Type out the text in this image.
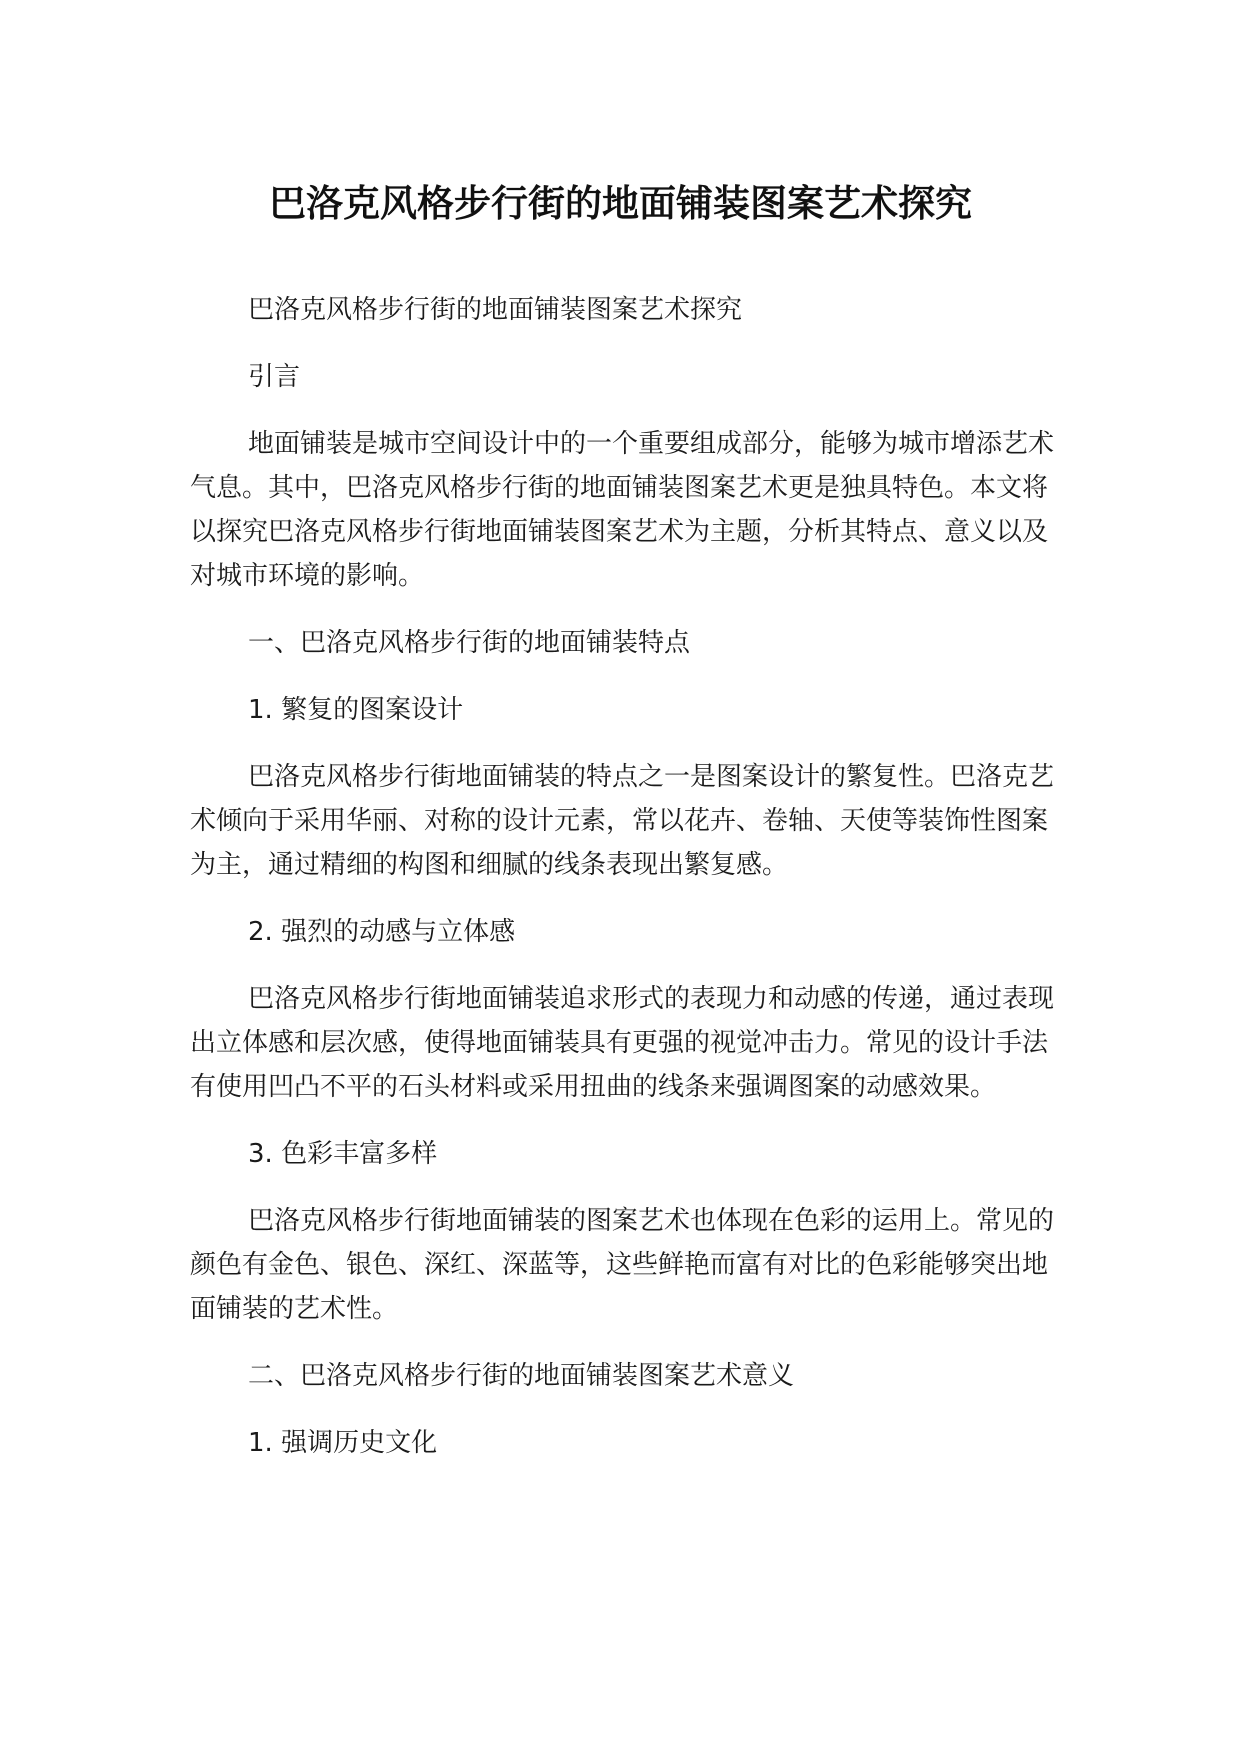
巴洛克风格步行街的地面铺装图案艺术探究

巴洛克风格步行街的地面铺装图案艺术探究

引言

地面铺装是城市空间设计中的一个重要组成部分，能够为城市增添艺术气息。其中，巴洛克风格步行街的地面铺装图案艺术更是独具特色。本文将以探究巴洛克风格步行街地面铺装图案艺术为主题，分析其特点、意义以及对城市环境的影响。

一、巴洛克风格步行街的地面铺装特点

1. 繁复的图案设计

巴洛克风格步行街地面铺装的特点之一是图案设计的繁复性。巴洛克艺术倾向于采用华丽、对称的设计元素，常以花卉、卷轴、天使等装饰性图案为主，通过精细的构图和细腻的线条表现出繁复感。

2. 强烈的动感与立体感

巴洛克风格步行街地面铺装追求形式的表现力和动感的传递，通过表现出立体感和层次感，使得地面铺装具有更强的视觉冲击力。常见的设计手法有使用凹凸不平的石头材料或采用扭曲的线条来强调图案的动感效果。

3. 色彩丰富多样

巴洛克风格步行街地面铺装的图案艺术也体现在色彩的运用上。常见的颜色有金色、银色、深红、深蓝等，这些鲜艳而富有对比的色彩能够突出地面铺装的艺术性。

二、巴洛克风格步行街的地面铺装图案艺术意义

1. 强调历史文化
